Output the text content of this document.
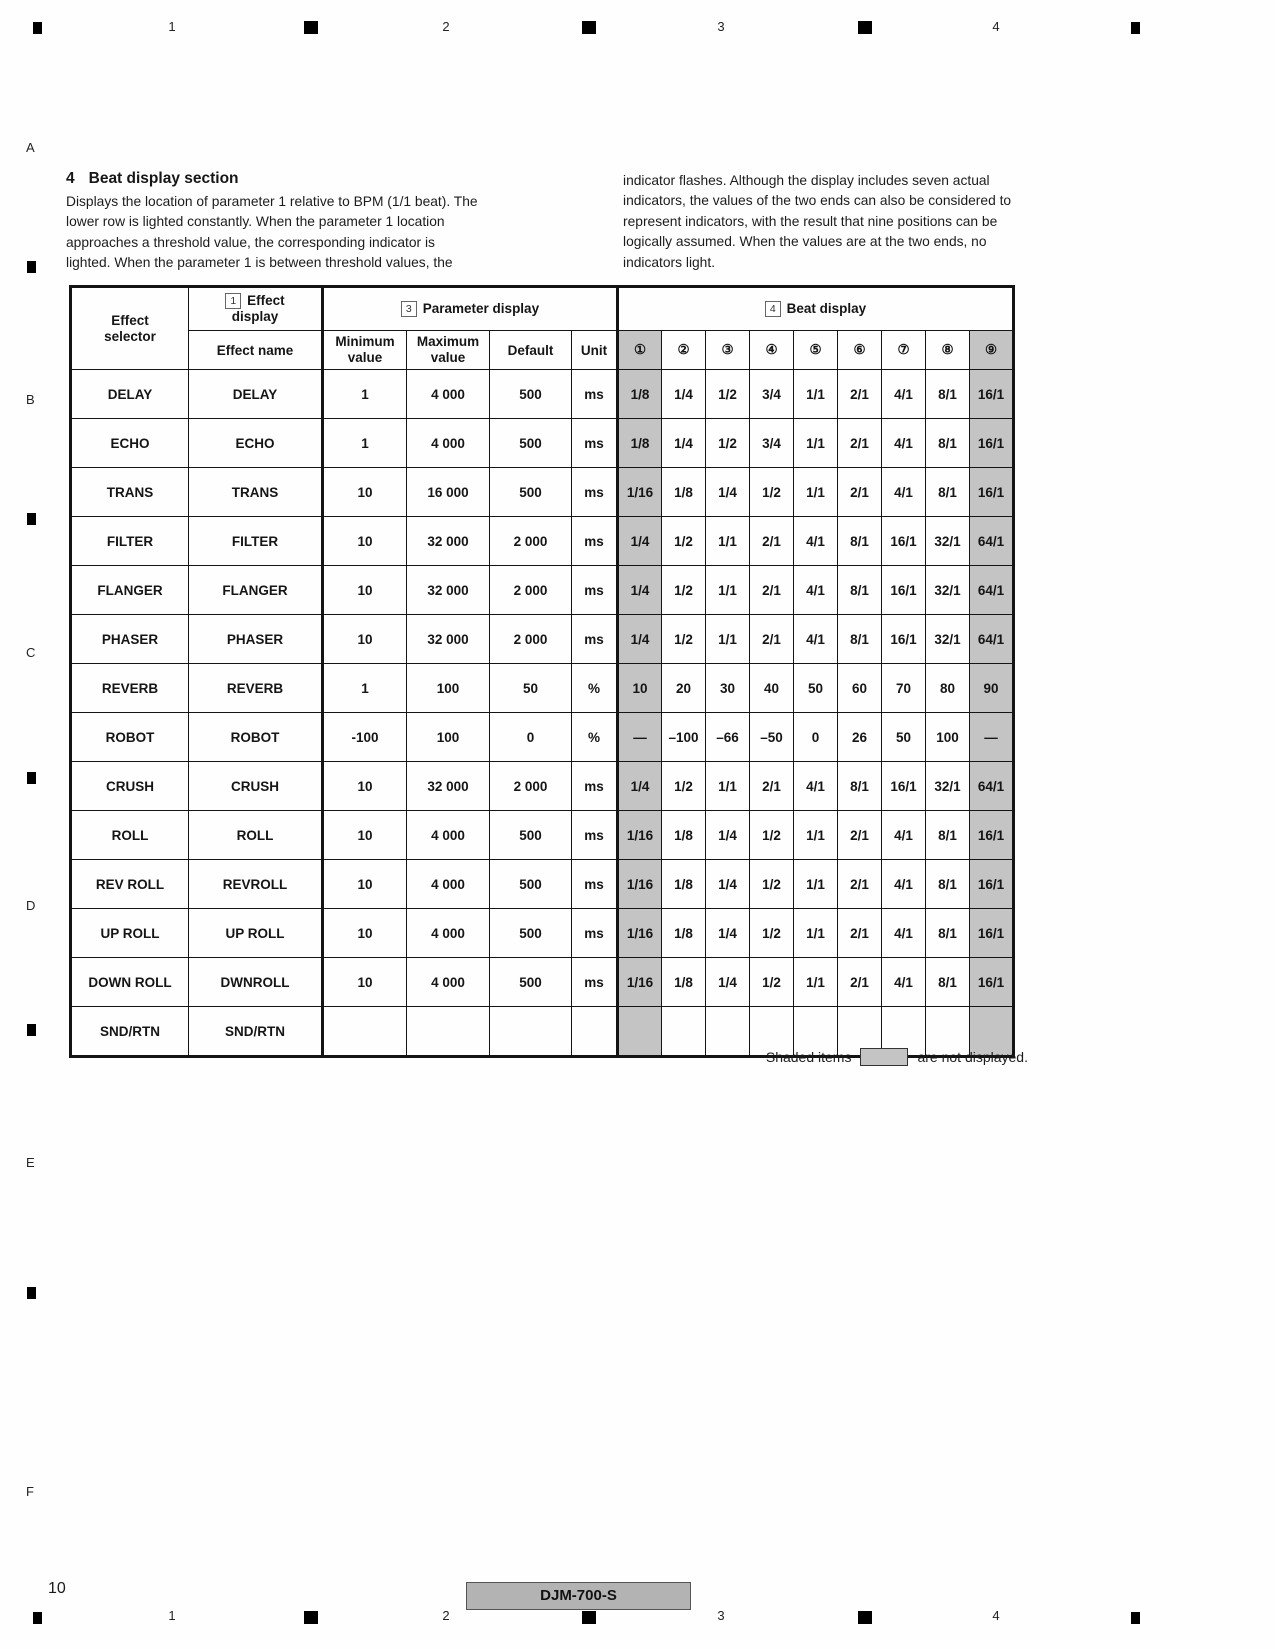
1	2	3	4
A
B
C
D
E
F
4 Beat display section
Displays the location of parameter 1 relative to BPM (1/1 beat). The
lower row is lighted constantly. When the parameter 1 location
approaches a threshold value, the corresponding indicator is
lighted. When the parameter 1 is between threshold values, the
indicator flashes. Although the display includes seven actual
indicators, the values of the two ends can also be considered to
represent indicators, with the result that nine positions can be
logically assumed. When the values are at the two ends, no
indicators light.
Effect selector	1 Effect display	3 Parameter display				4 Beat display								
	Effect name	Minimum value	Maximum value	Default	Unit	①	②	③	④	⑤	⑥	⑦	⑧	⑨
DELAY	DELAY	1	4 000	500	ms	1/8	1/4	1/2	3/4	1/1	2/1	4/1	8/1	16/1
ECHO	ECHO	1	4 000	500	ms	1/8	1/4	1/2	3/4	1/1	2/1	4/1	8/1	16/1
TRANS	TRANS	10	16 000	500	ms	1/16	1/8	1/4	1/2	1/1	2/1	4/1	8/1	16/1
FILTER	FILTER	10	32 000	2 000	ms	1/4	1/2	1/1	2/1	4/1	8/1	16/1	32/1	64/1
FLANGER	FLANGER	10	32 000	2 000	ms	1/4	1/2	1/1	2/1	4/1	8/1	16/1	32/1	64/1
PHASER	PHASER	10	32 000	2 000	ms	1/4	1/2	1/1	2/1	4/1	8/1	16/1	32/1	64/1
REVERB	REVERB	1	100	50	%	10	20	30	40	50	60	70	80	90
ROBOT	ROBOT	-100	100	0	%	—	–100	–66	–50	0	26	50	100	—
CRUSH	CRUSH	10	32 000	2 000	ms	1/4	1/2	1/1	2/1	4/1	8/1	16/1	32/1	64/1
ROLL	ROLL	10	4 000	500	ms	1/16	1/8	1/4	1/2	1/1	2/1	4/1	8/1	16/1
REV ROLL	REVROLL	10	4 000	500	ms	1/16	1/8	1/4	1/2	1/1	2/1	4/1	8/1	16/1
UP ROLL	UP ROLL	10	4 000	500	ms	1/16	1/8	1/4	1/2	1/1	2/1	4/1	8/1	16/1
DOWN ROLL	DWNROLL	10	4 000	500	ms	1/16	1/8	1/4	1/2	1/1	2/1	4/1	8/1	16/1
SND/RTN	SND/RTN													
Shaded items	are not displayed.
10	DJM-700-S
1	2	3	4
